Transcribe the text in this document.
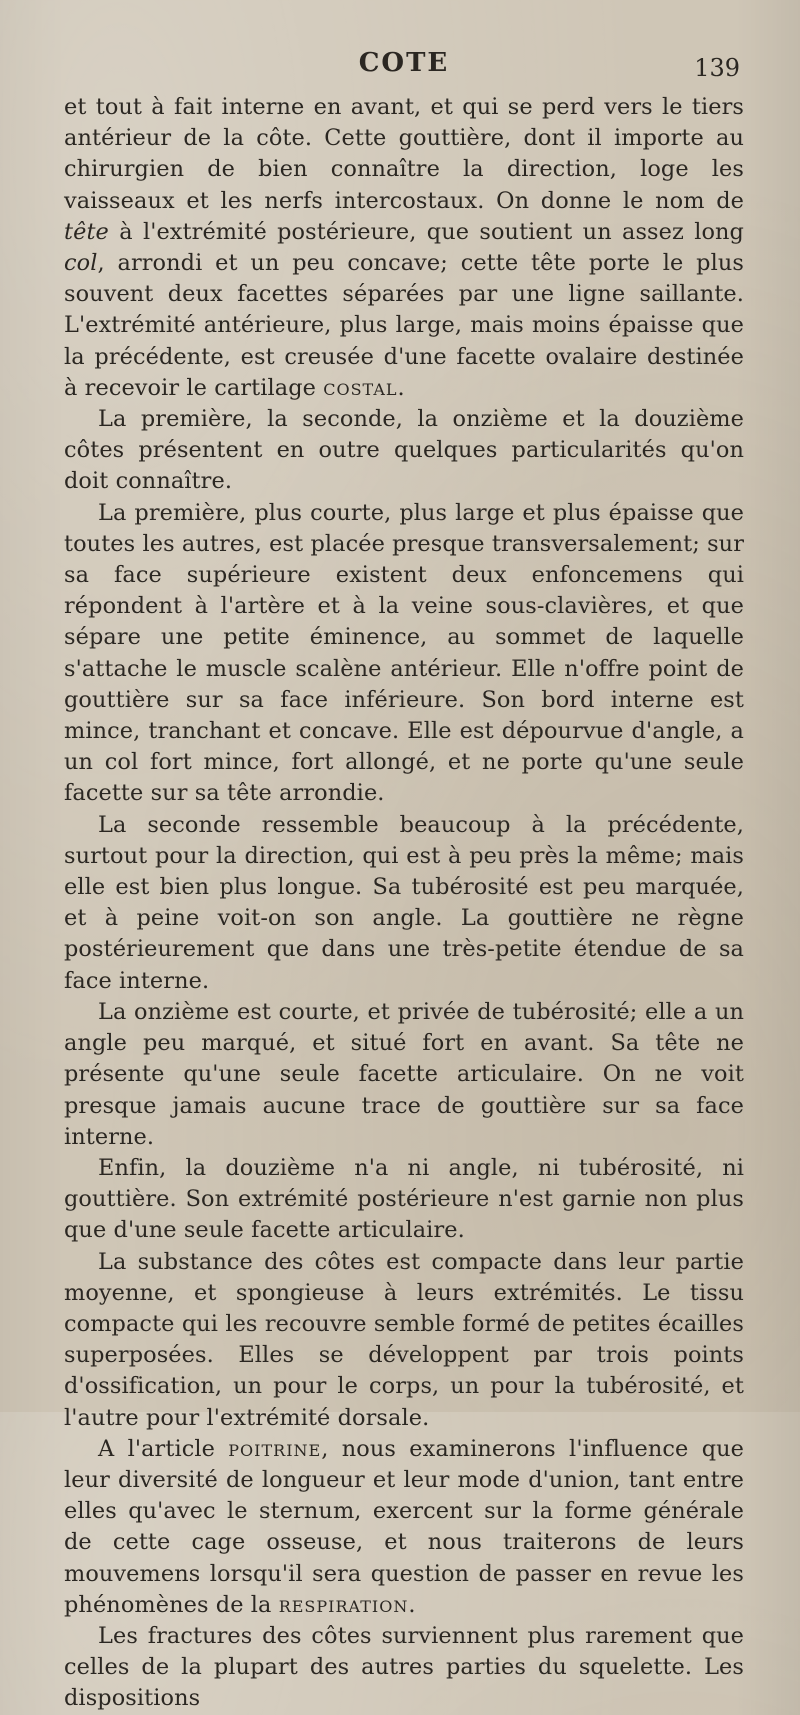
COTE	139

et tout à fait interne en avant, et qui se perd vers le tiers antérieur de la côte. Cette gouttière, dont il importe au chirurgien de bien connaître la direction, loge les vaisseaux et les nerfs intercostaux. On donne le nom de tête à l'extrémité postérieure, que soutient un assez long col, arrondi et un peu concave; cette tête porte le plus souvent deux facettes séparées par une ligne saillante. L'extrémité antérieure, plus large, mais moins épaisse que la précédente, est creusée d'une facette ovalaire destinée à recevoir le cartilage costal.

La première, la seconde, la onzième et la douzième côtes présentent en outre quelques particularités qu'on doit connaître.

La première, plus courte, plus large et plus épaisse que toutes les autres, est placée presque transversalement; sur sa face supérieure existent deux enfoncemens qui répondent à l'artère et à la veine sous-clavières, et que sépare une petite éminence, au sommet de laquelle s'attache le muscle scalène antérieur. Elle n'offre point de gouttière sur sa face inférieure. Son bord interne est mince, tranchant et concave. Elle est dépourvue d'angle, a un col fort mince, fort allongé, et ne porte qu'une seule facette sur sa tête arrondie.

La seconde ressemble beaucoup à la précédente, surtout pour la direction, qui est à peu près la même; mais elle est bien plus longue. Sa tubérosité est peu marquée, et à peine voit-on son angle. La gouttière ne règne postérieurement que dans une très-petite étendue de sa face interne.

La onzième est courte, et privée de tubérosité; elle a un angle peu marqué, et situé fort en avant. Sa tête ne présente qu'une seule facette articulaire. On ne voit presque jamais aucune trace de gouttière sur sa face interne.

Enfin, la douzième n'a ni angle, ni tubérosité, ni gouttière. Son extrémité postérieure n'est garnie non plus que d'une seule facette articulaire.

La substance des côtes est compacte dans leur partie moyenne, et spongieuse à leurs extrémités. Le tissu compacte qui les recouvre semble formé de petites écailles superposées. Elles se développent par trois points d'ossification, un pour le corps, un pour la tubérosité, et l'autre pour l'extrémité dorsale.

A l'article poitrine, nous examinerons l'influence que leur diversité de longueur et leur mode d'union, tant entre elles qu'avec le sternum, exercent sur la forme générale de cette cage osseuse, et nous traiterons de leurs mouvemens lorsqu'il sera question de passer en revue les phénomènes de la respiration.

Les fractures des côtes surviennent plus rarement que celles de la plupart des autres parties du squelette. Les dispositions
